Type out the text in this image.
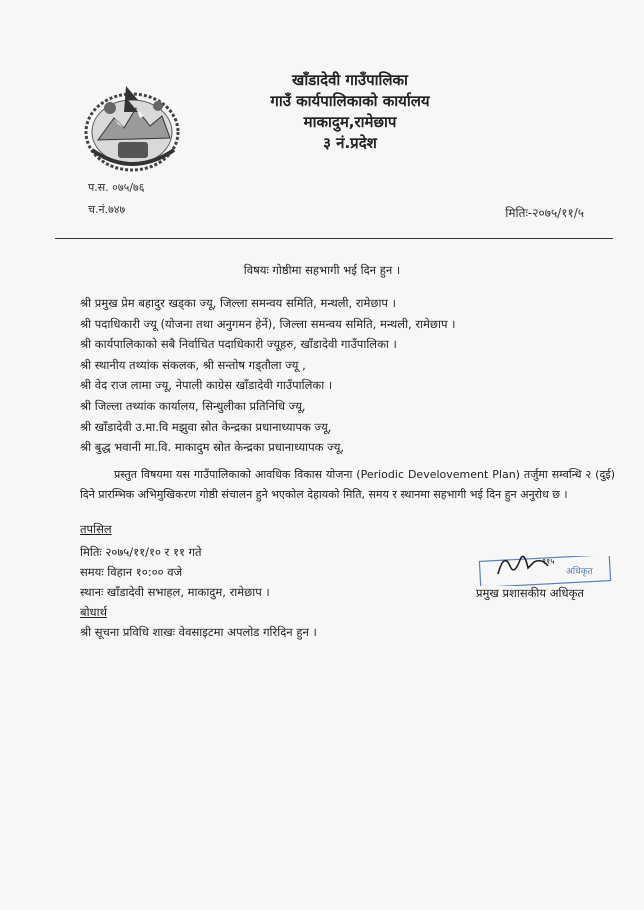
खाँडादेवी गाउँपालिका
गाउँ कार्यपालिकाको कार्यालय
माकादुम,रामेछाप
३ नं.प्रदेश
प.स. ०७५/७६
च.नं.७४७	मितिः-२०७५/११/५
विषयः गोष्ठीमा सहभागी भई दिन हुन ।
श्री प्रमुख प्रेम बहादुर खड्का ज्यू, जिल्ला समन्वय समिति, मन्थली, रामेछाप ।
श्री पदाधिकारी ज्यू (योजना तथा अनुगमन हेर्ने), जिल्ला समन्वय समिति, मन्थली, रामेछाप ।
श्री कार्यपालिकाको सबै निर्वाचित पदाधिकारी ज्यूहरु, खाँडादेवी गाउँपालिका ।
श्री स्थानीय तथ्यांक संकलक, श्री सन्तोष गड्तौला ज्यू ,
श्री वेद राज लामा ज्यू, नेपाली काग्रेस खाँडादेवी गाउँपालिका ।
श्री जिल्ला तथ्यांक कार्यालय, सिन्धुलीका प्रतिनिधि ज्यू,
श्री खाँडादेवी उ.मा.वि मझुवा स्रोत केन्द्रका प्रधानाध्यापक ज्यू,
श्री बुद्ध भवानी मा.वि. माकादुम स्रोत केन्द्रका प्रधानाध्यापक ज्यू,
प्रस्तुत विषयमा यस गाउँपालिकाको आवधिक विकास योजना (Periodic Develovement Plan) तर्जुमा सम्वन्धि २ (दुई) दिने प्रारम्भिक अभिमुखिकरण गोष्ठी संचालन हुने भएकोल देहायको मिति, समय र स्थानमा सहभागी भई दिन हुन अनुरोध छ ।
तपसिल
मितिः २०७५/११/१० र ११ गते
समयः विहान १०:०० वजे
स्थानः खाँडादेवी सभाहल, माकादुम, रामेछाप ।
अधिकृत
११५
प्रमुख प्रशासकीय अधिकृत
बोधार्थ
श्री सूचना प्रविधि शाखः वेवसाइटमा अपलोड गरिदिन हुन ।
